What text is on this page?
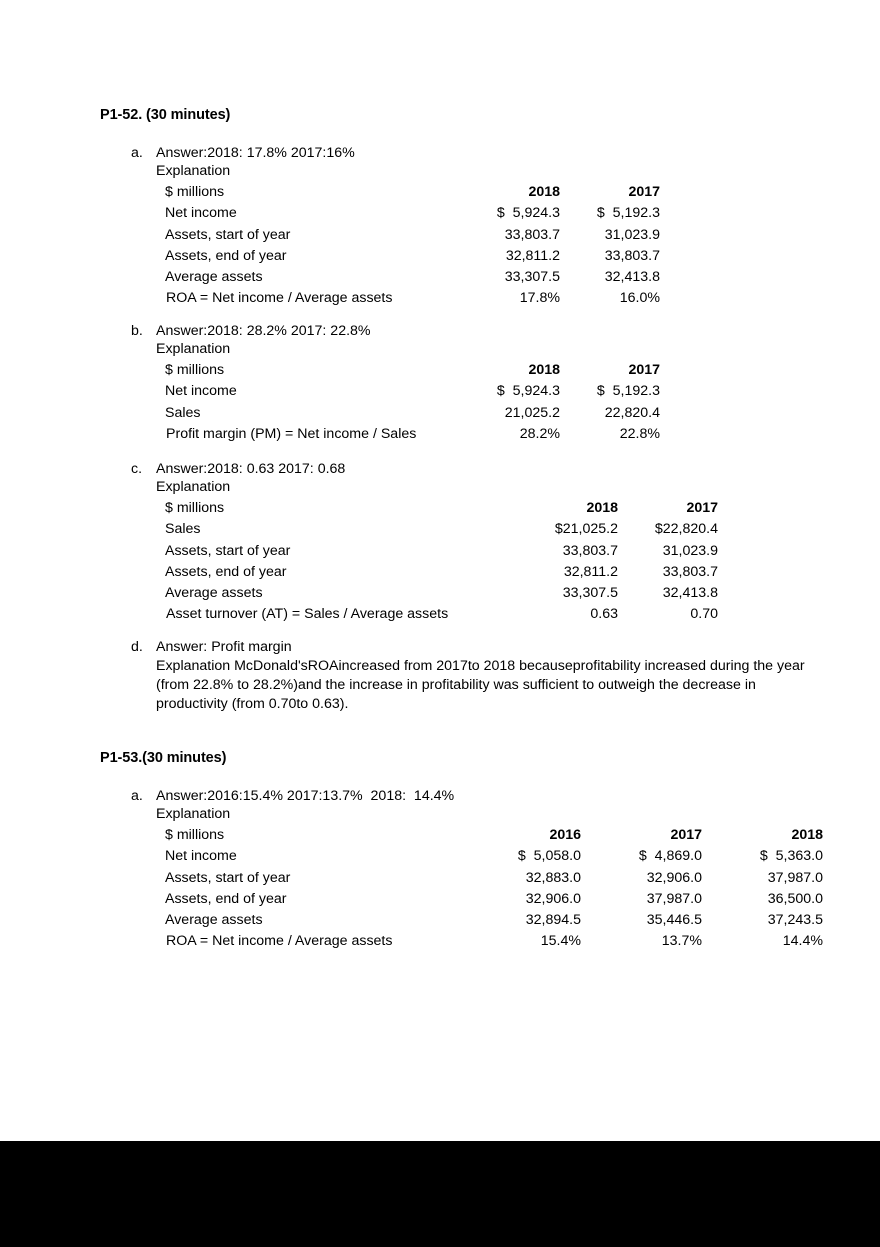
P1-52. (30 minutes)
a. Answer:2018: 17.8% 2017:16%
Explanation
$ millions	2018	2017
Net income	$  5,924.3	$  5,192.3
Assets, start of year	33,803.7	31,023.9
Assets, end of year	32,811.2	33,803.7
Average assets	33,307.5	32,413.8
ROA = Net income / Average assets	17.8%	16.0%
b. Answer:2018: 28.2% 2017: 22.8%
Explanation
$ millions	2018	2017
Net income	$  5,924.3	$  5,192.3
Sales	21,025.2	22,820.4
Profit margin (PM) = Net income / Sales	28.2%	22.8%
c. Answer:2018: 0.63 2017: 0.68
Explanation
$ millions	2018	2017
Sales	$21,025.2	$22,820.4
Assets, start of year	33,803.7	31,023.9
Assets, end of year	32,811.2	33,803.7
Average assets	33,307.5	32,413.8
Asset turnover (AT) = Sales / Average assets	0.63	0.70
d. Answer: Profit margin
Explanation McDonald'sROAincreased from 2017to 2018 becauseprofitability increased during the year (from 22.8% to 28.2%)and the increase in profitability was sufficient to outweigh the decrease in productivity (from 0.70to 0.63).
P1-53.(30 minutes)
a. Answer:2016:15.4% 2017:13.7%  2018:  14.4%
Explanation
$ millions	2016	2017	2018
Net income	$  5,058.0	$  4,869.0	$  5,363.0
Assets, start of year	32,883.0	32,906.0	37,987.0
Assets, end of year	32,906.0	37,987.0	36,500.0
Average assets	32,894.5	35,446.5	37,243.5
ROA = Net income / Average assets	15.4%	13.7%	14.4%
